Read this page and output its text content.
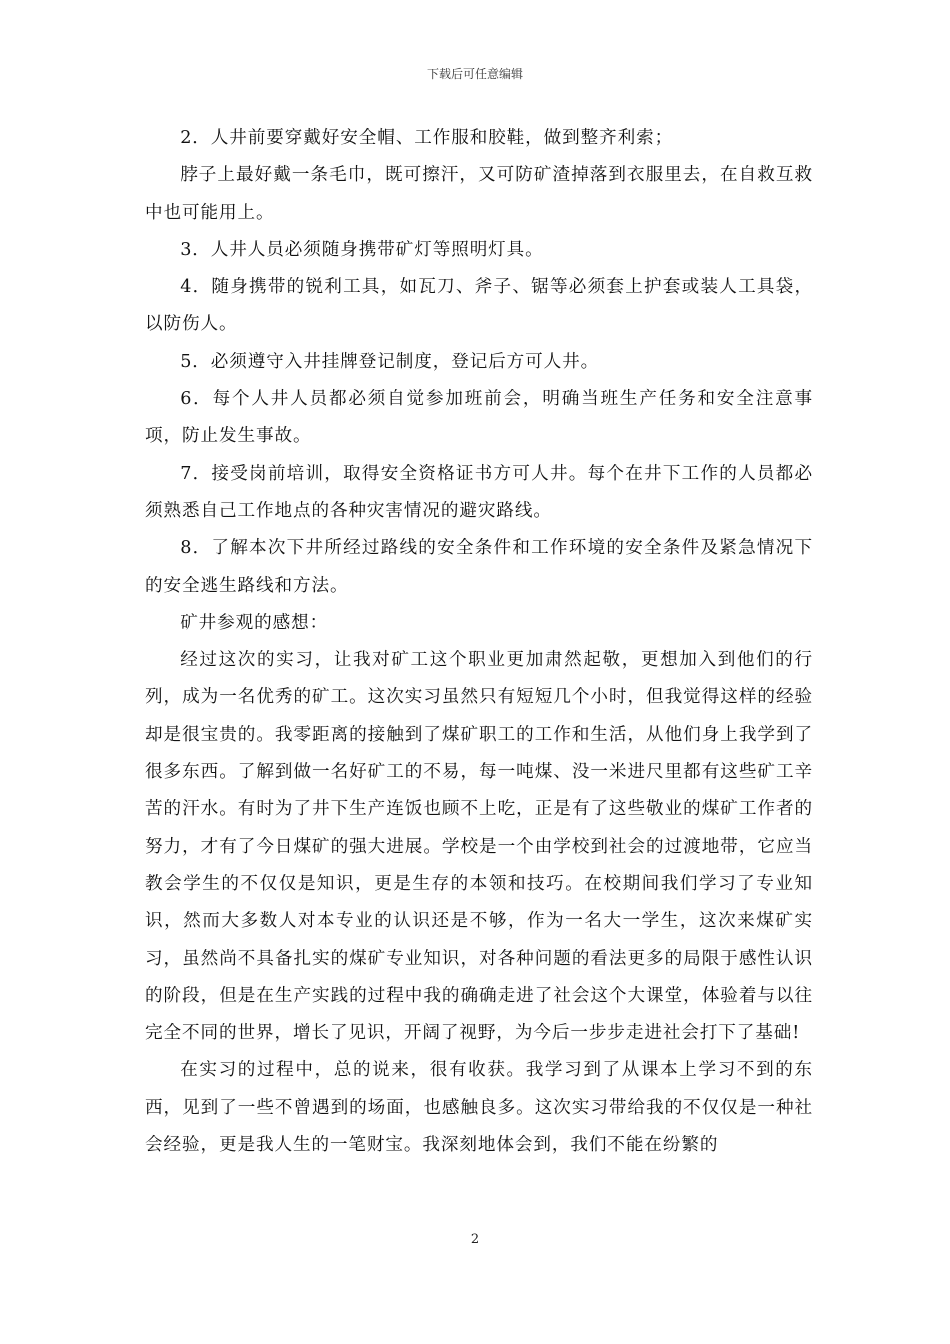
下载后可任意编辑

2．人井前要穿戴好安全帽、工作服和胶鞋，做到整齐利索；

脖子上最好戴一条毛巾，既可擦汗，又可防矿渣掉落到衣服里去，在自救互救中也可能用上。

3．人井人员必须随身携带矿灯等照明灯具。

4．随身携带的锐利工具，如瓦刀、斧子、锯等必须套上护套或装人工具袋，以防伤人。

5．必须遵守入井挂牌登记制度，登记后方可人井。

6．每个人井人员都必须自觉参加班前会，明确当班生产任务和安全注意事项，防止发生事故。

7．接受岗前培训，取得安全资格证书方可人井。每个在井下工作的人员都必须熟悉自己工作地点的各种灾害情况的避灾路线。

8．了解本次下井所经过路线的安全条件和工作环境的安全条件及紧急情况下的安全逃生路线和方法。

矿井参观的感想：

经过这次的实习，让我对矿工这个职业更加肃然起敬，更想加入到他们的行列，成为一名优秀的矿工。这次实习虽然只有短短几个小时，但我觉得这样的经验却是很宝贵的。我零距离的接触到了煤矿职工的工作和生活，从他们身上我学到了很多东西。了解到做一名好矿工的不易，每一吨煤、没一米进尺里都有这些矿工辛苦的汗水。有时为了井下生产连饭也顾不上吃，正是有了这些敬业的煤矿工作者的努力，才有了今日煤矿的强大进展。学校是一个由学校到社会的过渡地带，它应当教会学生的不仅仅是知识，更是生存的本领和技巧。在校期间我们学习了专业知识，然而大多数人对本专业的认识还是不够，作为一名大一学生，这次来煤矿实习，虽然尚不具备扎实的煤矿专业知识，对各种问题的看法更多的局限于感性认识的阶段，但是在生产实践的过程中我的确确走进了社会这个大课堂，体验着与以往完全不同的世界，增长了见识，开阔了视野，为今后一步步走进社会打下了基础!

在实习的过程中，总的说来，很有收获。我学习到了从课本上学习不到的东西，见到了一些不曾遇到的场面，也感触良多。这次实习带给我的不仅仅是一种社会经验，更是我人生的一笔财宝。我深刻地体会到，我们不能在纷繁的

2
